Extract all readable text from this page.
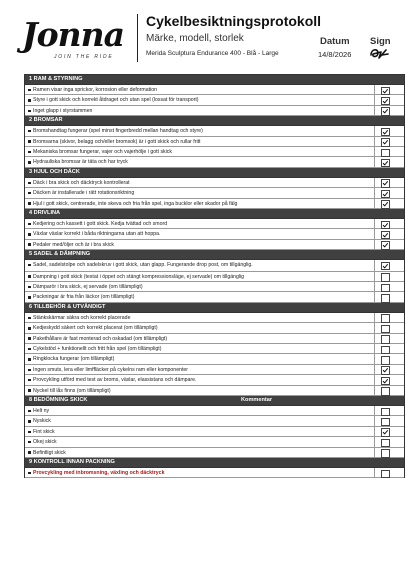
Jonna
JOIN THE RIDE
Cykelbesiktningsprotokoll
Märke, modell, storlek
Merida Sculptura Endurance 400 - Blå - Large
Datum
14/8/2026
Sign
1 RAM & STYRNING
Ramen visar inga sprickor, korrosion eller deformation
Styre i gott skick och korrekt åtdraget och utan spel (lossat för transport)
Inget glapp i styrstammen
2 BROMSAR
Bromshandtag fungerar (spel minst fingerbredd mellan handtag och styre)
Bromsarna (skivor, belagg och/eller bromsok) är i gott skick och rullar fritt
Mekaniska bromsar fungerar, vajer och vajerhölje i gott skick
Hydrauliska bromsar är täta och har tryck
3 HJUL OCH DÄCK
Däck i bra skick och däcktryck kontrollerat
Däcken är installerade i rätt rotationsriktning
Hjul i gott skick, centrerade, inte skeva och fria från spel, inga bucklor eller skador på fälg
4 DRIVLINA
Kedjering och kassett i gott skick. Kedja tvättad och smord
Växlar växlar korrekt i båda riktningarna utan att hoppa.
Pedaler med/öljer och är i bra skick
5 SADEL & DÄMPNING
Sadel, sadelstolpe och sadelskruv i gott skick, utan glapp. Fungerande drop post, om tillgänglig.
Dampning i gott skick (testat i öppet och stängt kompressionsläge, ej servade) om tillgänglig
Dämparör i bra skick, ej servade (om tillämpligt)
Packningar är fria från läckor (om tillämpligt)
6 TILLBEHÖR & UTVÄNDIGT
Stänkskärmar säkra och korrekt placerade
Kedjeskydd säkert och korrekt placerat (om tillämpligt)
Pakethållare är fast monterad och oskadad (om tillämpligt)
Cykelstöd + funktionellt och fritt från spel (om tillämpligt)
Ringklocka fungerar (om tillämpligt)
Ingen smuts, lera eller limffläcker på cykelns ram eller komponenter
Provcykling utförd med test av broms, växlar, elassistans och dämpare.
Nyckel till lås finns (om tillämpligt)
8 BEDÖMNING SKICK	Kommentar
Helt ny
Nyskick
Fint skick
Okej skick
Befintligt skick
9 KONTROLL INNAN PACKNING
Provcykling med inbromsning, växling och däcktryck
